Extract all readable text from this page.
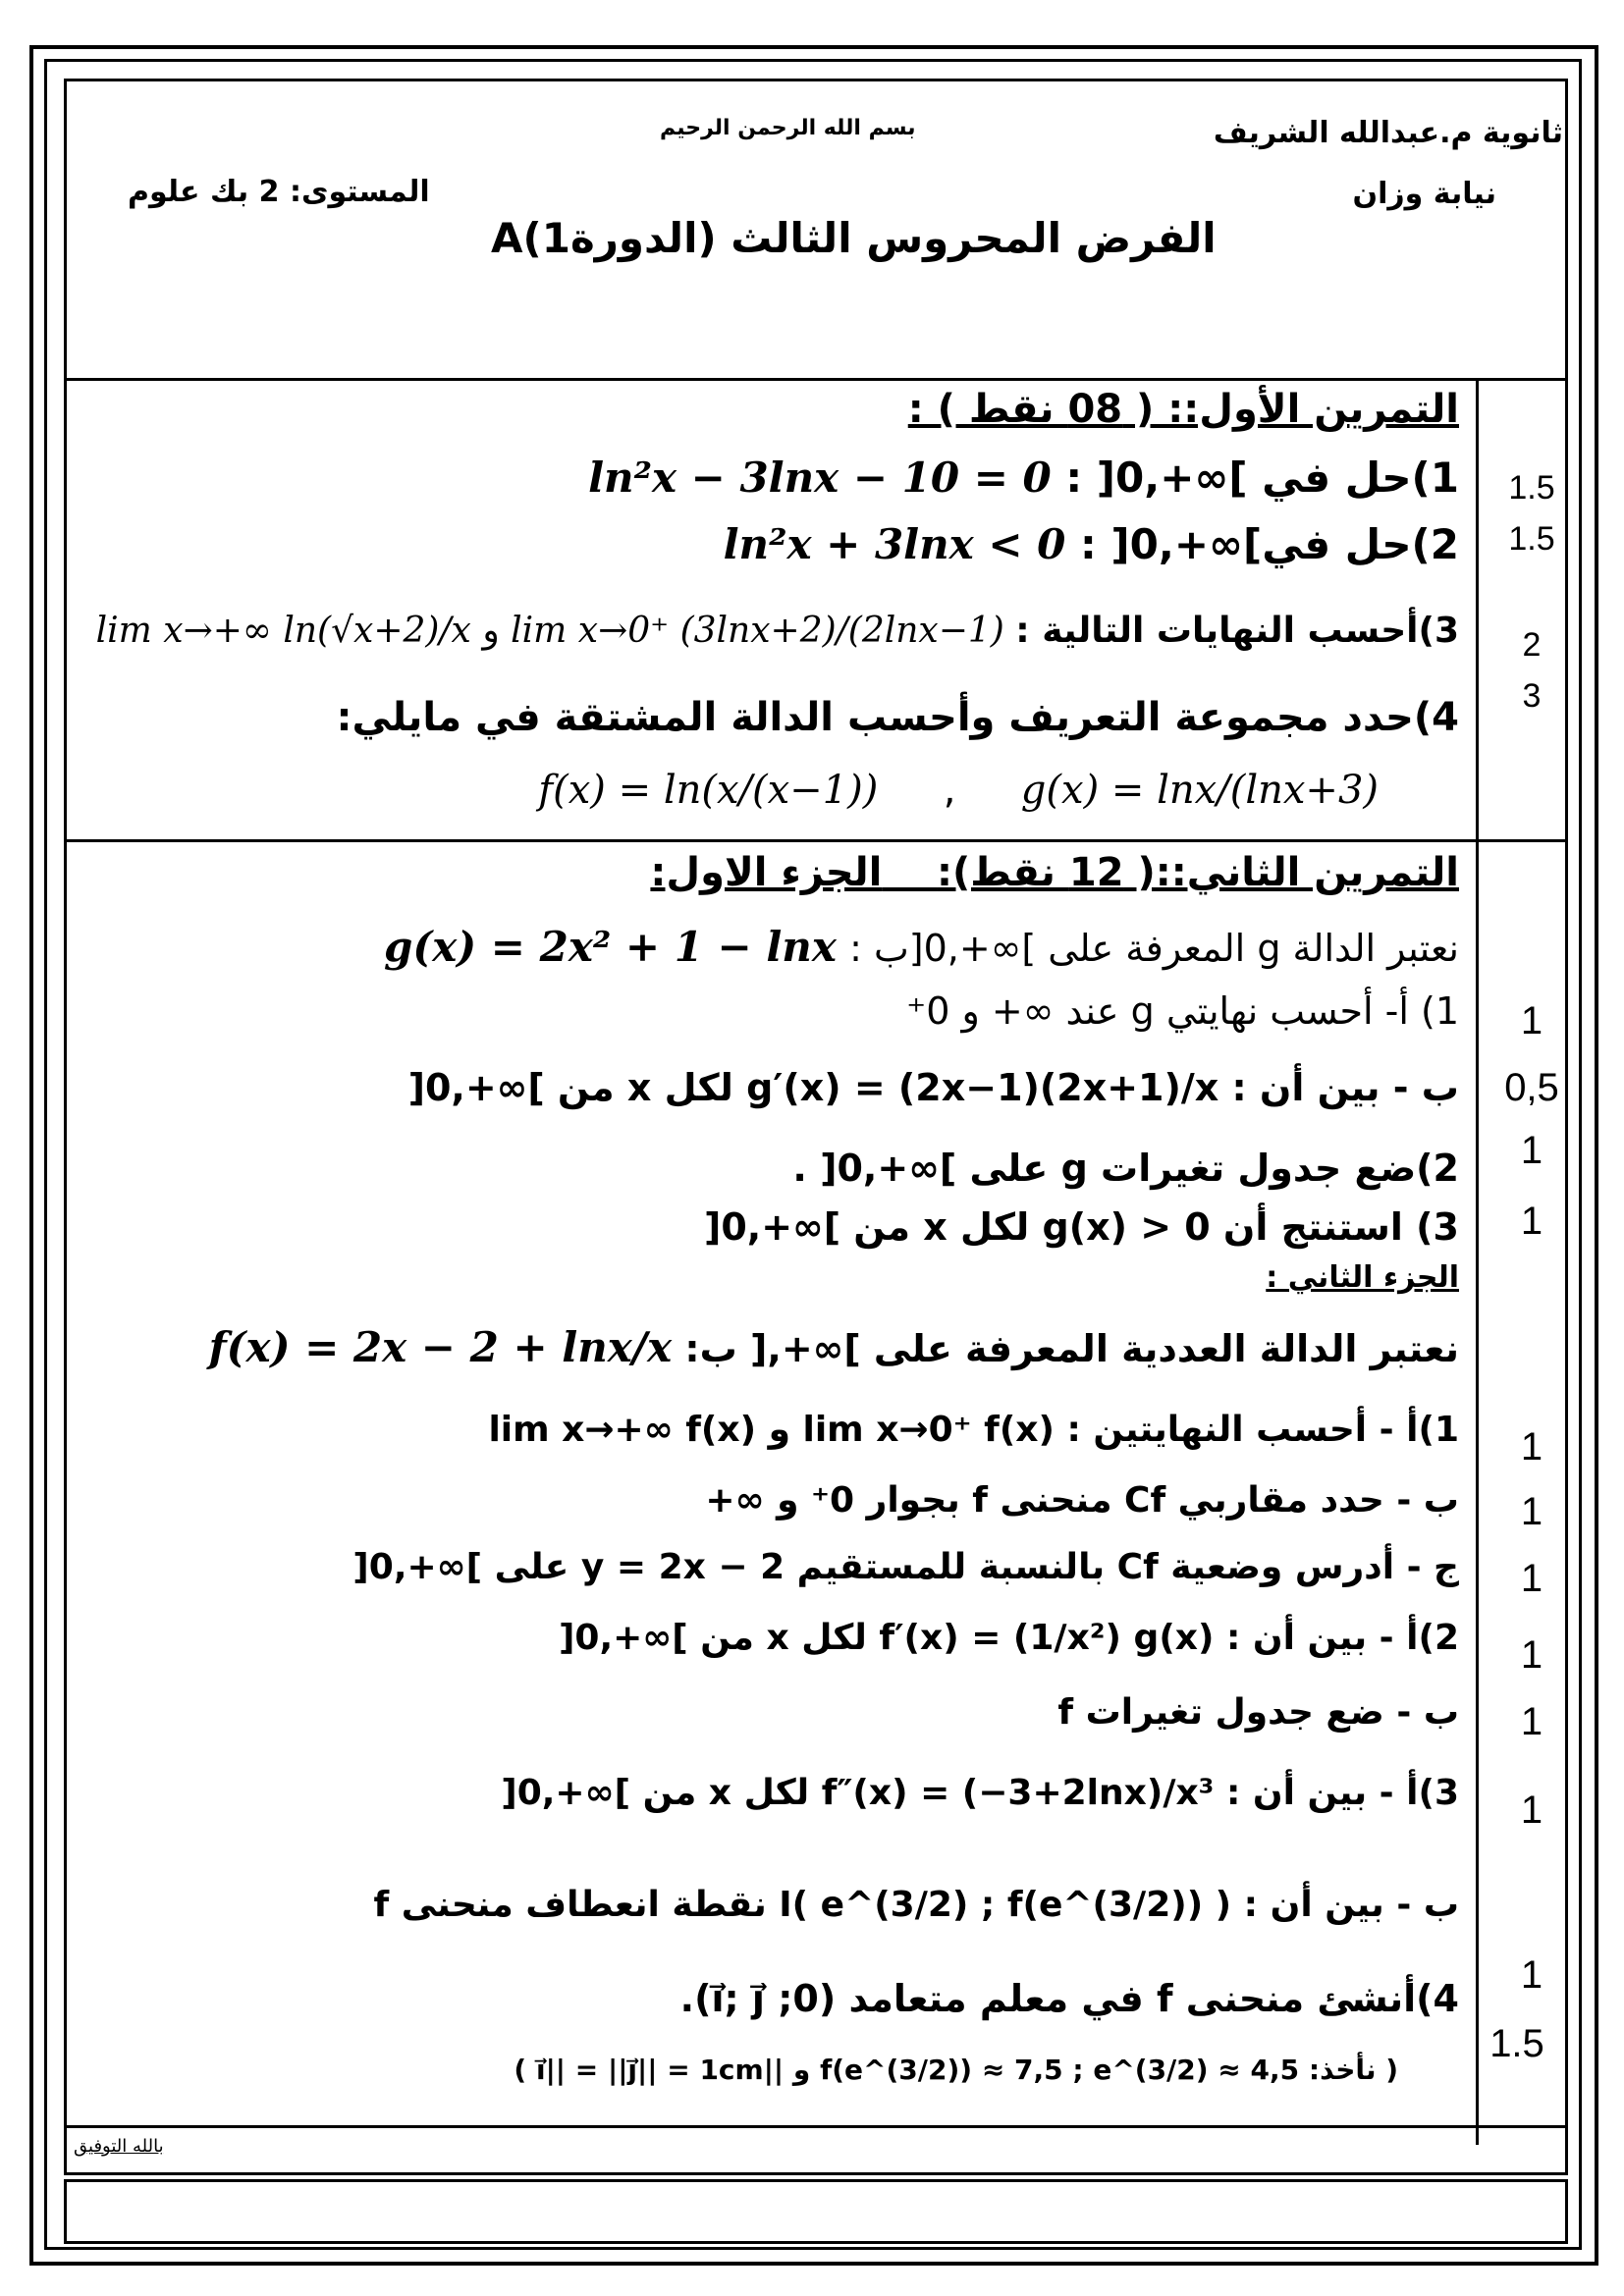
ثانوية م.عبدالله الشريف
نيابة وزان
بسم الله الرحمن الرحيم
المستوى: 2 بك علوم
الفرض المحروس الثالث (الدورة1)A
التمرين الأول:: ( 08 نقط ) :
1)حل في ]∞+,0[ : ln²x − 3lnx − 10 = 0
2)حل في]∞+,0[ : ln²x + 3lnx < 0
3)أحسب النهايات التالية : lim x→0⁺ (3lnx+2)/(2lnx−1) و lim x→+∞ ln(√x+2)/x
4)حدد مجموعة التعريف وأحسب الدالة المشتقة في مايلي:
g(x) = lnx/(lnx+3) , f(x) = ln(x/(x−1))
1.5
1.5
2
3
التمرين الثاني::( 12 نقط):    الجزء الاول:
نعتبر الدالة g المعرفة على ]∞+,0[ب : g(x) = 2x² + 1 − lnx
1) أ- أحسب نهايتي g عند ∞+ و 0⁺
ب - بين أن : g′(x) = (2x−1)(2x+1)/x لكل x من ]∞+,0[
2)ضع جدول تغيرات g على ]∞+,0[ .
3) استنتج أن g(x) > 0 لكل x من ]∞+,0[
الجزء الثاني :
نعتبر الدالة العددية المعرفة على ]∞+,[ ب: f(x) = 2x − 2 + lnx/x
1)أ - أحسب النهايتين : lim x→0⁺ f(x) و lim x→+∞ f(x)
ب - حدد مقاربي Cf منحنى f بجوار 0⁺ و ∞+
ج - أدرس وضعية Cf بالنسبة للمستقيم y = 2x − 2 على ]∞+,0[
2)أ - بين أن : f′(x) = (1/x²) g(x) لكل x من ]∞+,0[
ب - ضع جدول تغيرات f
3)أ - بين أن : f″(x) = (−3+2lnx)/x³ لكل x من ]∞+,0[
ب - بين أن : I( e^(3/2) ; f(e^(3/2)) ) نقطة انعطاف منحنى f
4)أنشئ منحنى f في معلم متعامد (0; i⃗; j⃗).
( نأخذ: f(e^(3/2)) ≈ 7,5 ; e^(3/2) ≈ 4,5 و ||i⃗|| = ||j⃗|| = 1cm )
1
0,5
1
1
1
1
1
1
1
1
1
1.5
بالله التوفيق
